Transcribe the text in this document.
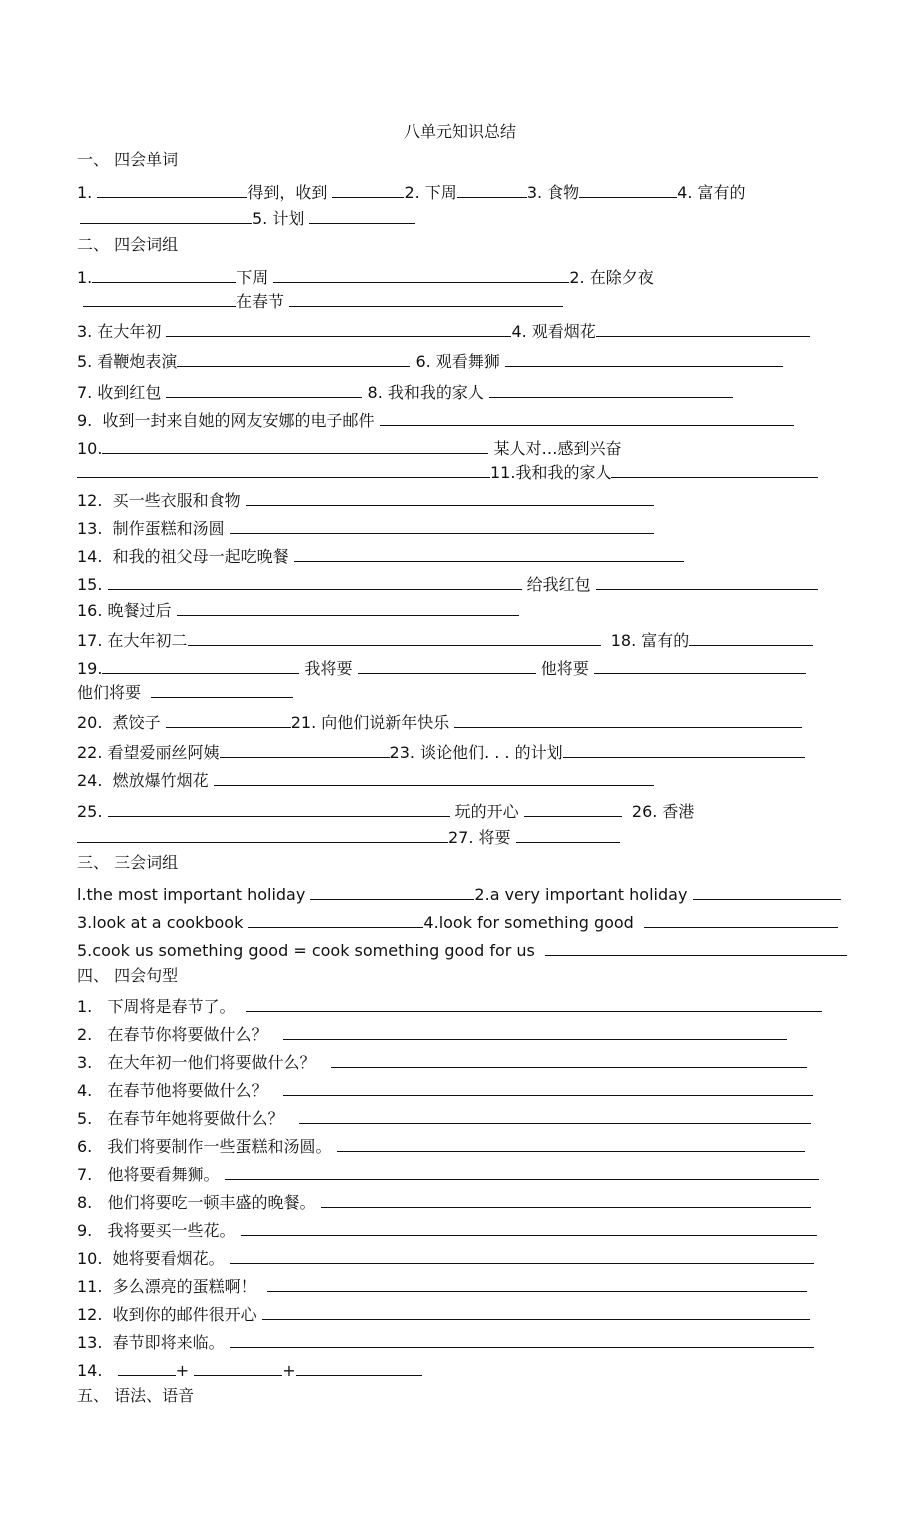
八单元知识总结
一、 四会单词
1.	得到，收到	2. 下周	3. 食物	4. 富有的
5. 计划
二、 四会词组
1.	下周	2. 在除夕夜
在春节
3. 在大年初	4. 观看烟花
5. 看鞭炮表演	6. 观看舞狮
7. 收到红包	8. 我和我的家人
9.  收到一封来自她的网友安娜的电子邮件
10.	某人对…感到兴奋
11.我和我的家人
12.  买一些衣服和食物
13.  制作蛋糕和汤圆
14.  和我的祖父母一起吃晚餐
15.	给我红包
16. 晚餐过后
17. 在大年初二	18. 富有的
19.	我将要	他将要
他们将要
20.  煮饺子	21. 向他们说新年快乐
22. 看望爱丽丝阿姨	23. 谈论他们. . . 的计划
24.  燃放爆竹烟花
25.	玩的开心	26. 香港
27. 将要
三、 三会词组
l.the most important holiday	2.a very important holiday
3.look at a cookbook	4.look for something good
5.cook us something good = cook something good for us
四、 四会句型
1.   下周将是春节了。
2.   在春节你将要做什么？
3.   在大年初一他们将要做什么？
4.   在春节他将要做什么？
5.   在春节年她将要做什么？
6.   我们将要制作一些蛋糕和汤圆。
7.   他将要看舞狮。
8.   他们将要吃一顿丰盛的晚餐。
9.   我将要买一些花。
10.  她将要看烟花。
11.  多么漂亮的蛋糕啊！
12.  收到你的邮件很开心
13.  春节即将来临。
14.	+	+
五、 语法、语音
